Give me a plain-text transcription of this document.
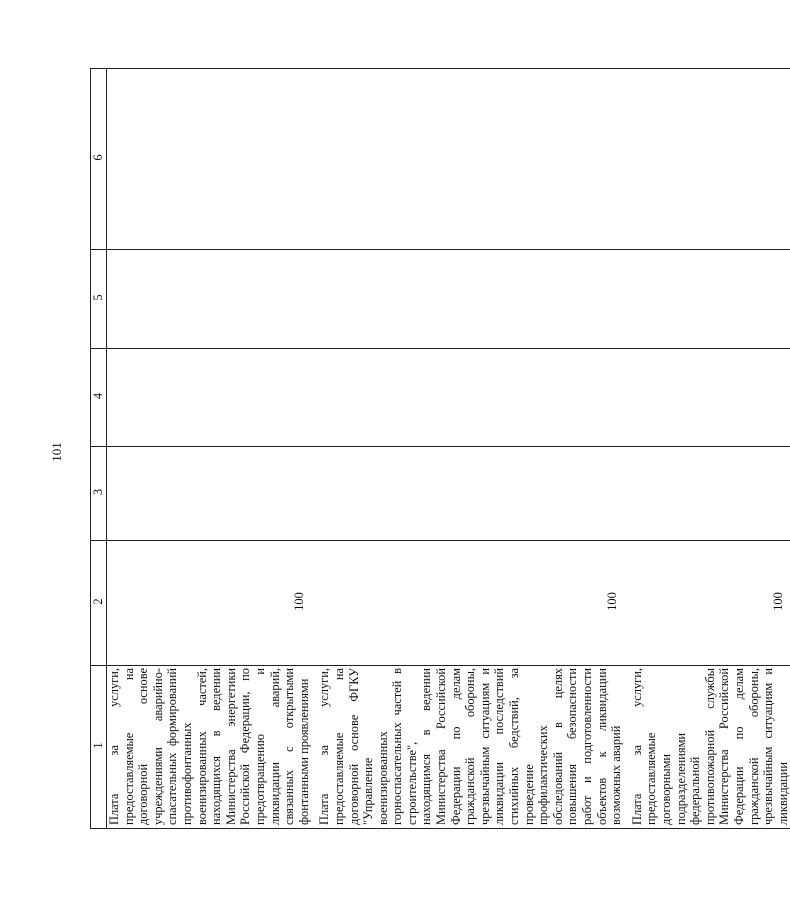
101
1	2	3	4	5	6
Плата за услуги, предоставляемые на договорной основе учреждениями аварийно-спасательных формирований противофонтанных военизированных частей, находящихся в ведении Министерства энергетики Российской Федерации, по предотвращению и ликвидации аварий, связанных с открытыми фонтанными проявлениями	100				
Плата за услуги, предоставляемые на договорной основе ФГКУ "Управление военизированных горноспасательных частей в строительстве", находящимся в ведении Министерства Российской Федерации по делам гражданской обороны, чрезвычайным ситуациям и ликвидации последствий стихийных бедствий, за проведение профилактических обследований в целях повышения безопасности работ и подготовленности объектов к ликвидации возможных аварий	100				
Плата за услуги, предоставляемые договорными подразделениями федеральной противопожарной службы Министерства Российской Федерации по делам гражданской обороны, чрезвычайным ситуациям и ликвидации	100				
